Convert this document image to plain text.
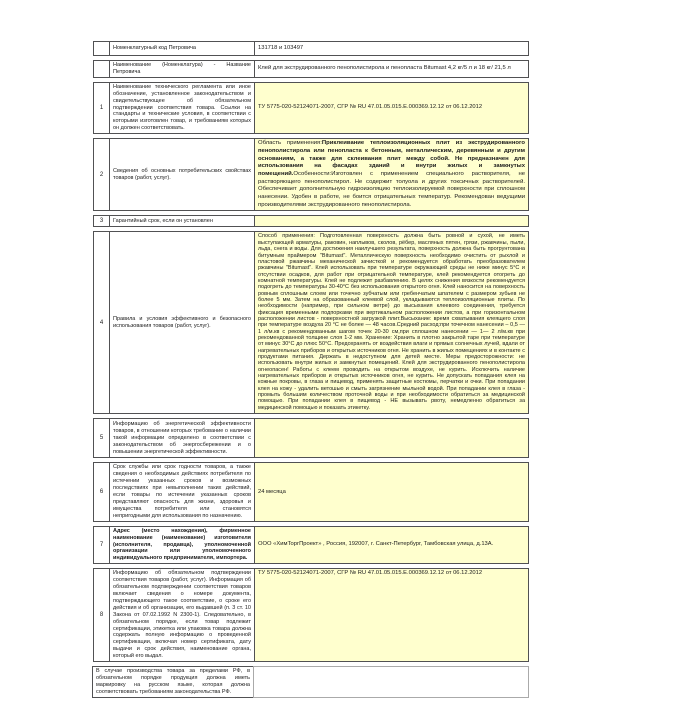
Номенклатурный код Петровича	131718 и 103497
Наименование (Номенклатура) - Название Петровича
Клей для экструдированного пенополистирола и пенопласта Bitumast 4,2 кг/5 л и 18 кг/ 21,5 л
1
Наименование технического регламента или иное обозначение, установленное законодательством и свидетельствующее об обязательном подтверждении соответствия товара. Ссылки на стандарты и технические условия, в соответствии с которыми изготовлен товар, и требованиям которых он должен соответствовать.
ТУ 5775-020-52124071-2007, СГР № RU 47.01.05.015.Е.000369.12.12 от 06.12.2012
2
Сведения об основных потребительских свойствах товаров (работ, услуг).
Область применения:Приклеивание теплоизоляционных плит из экструдированного пенополистирола или пенопласта к бетонным, металлическим, деревянным и другим основаниям, а также для склеивания плит между собой. Не предназначен для использования на фасадах зданий и внутри жилых и замкнутых помещений.Особенности:Изготовлен с применением специального растворителя, не растворяющего пенополистирол. Не содержит толуола и других токсичных растворителей. Обеспечивает дополнительную гидроизоляцию теплоизолируемой поверхности при сплошном нанесении. Удобен в работе, не боится отрицательных температур. Рекомендован ведущими производителями экструдированного пенополистирола.
3	Гарантийный срок, если он установлен
4
Правила и условия эффективного и безопасного использования товаров (работ, услуг).
Способ применения: Подготовленная поверхность должна быть ровной и сухой, не иметь выступающей арматуры, раковин, наплывов, сколов, рёбер, масляных пятен, грязи, ржавчины, пыли, льда, снега и воды. Для достижения наилучшего результата, поверхность должна быть прогрунтована битумным праймером "Bitumast". Металлическую поверхность необходимо очистить от рыхлой и пластовой ржавчины механической зачисткой и рекомендуется обработать преобразователем ржавчины "Bitumast". Клей использовать при температуре окружающей среды не ниже минус 5°С и отсутствии осадков, для работ при отрицательной температуре, клей рекомендуется отогреть до комнатной температуры. Клей не подлежит разбавлению. В целях снижения вязкости рекомендуется подогреть до температуры 30-40°С без использования открытого огня. Клей наносится на поверхность ровным сплошным слоем или точечно зубчатым или гребенчатым шпателем с размером зубьев не более 5 мм. Затем на образованный клеевой слой, укладываются теплоизоляционные плиты. По необходимости (например, при сильном ветре) до высыхания клеевого соединения, требуется фиксация временными подпорками при вертикальном расположении листов, а при горизонтальном расположении листов - поверхностной загрузкой плит.Высыхание: время схватывания клеящего слоя при температуре воздуха 20 °С не более — 48 часов.Средний расход:при точечном нанесении – 0,5 — 1 л/м.кв с рекомендованным шагом точек 20-30 см,при сплошном нанесении — 1— 2 л/м.кв при рекомендованной толщине слоя 1-2 мм. Хранение: Хранить в плотно закрытой таре при температуре от минус 30°С до плюс 50°С. Предохранять от воздействия влаги и прямых солнечных лучей, вдали от нагревательных приборов и открытых источников огня. Не хранить в жилых помещениях и в контакте с продуктами питания. Держать в недоступном для детей месте. Меры предосторожности: не использовать внутри жилых и замкнутых помещений. Клей для экструдированного пенополистирола огнеопасен! Работы с клеем проводить на открытом воздухе, не курить. Исключить наличие нагревательных приборов и открытых источников огня, не курить. Не допускать попадания клея на кожные покровы, в глаза и пищевод, применять защитные костюмы, перчатки и очки. При попадании клея на кожу - удалить ветошью и смыть загрязнение мыльной водой. При попадании клея в глаза - промыть большим количеством проточной воды и при необходимости обратиться за медицинской помощью. При попадании клея в пищевод - НЕ вызывать рвоту, немедленно обратиться за медицинской помощью и показать этикетку.
5
Информацию об энергетической эффективности товаров, в отношении которых требование о наличии такой информации определено в соответствии с законодательством об энергосбережении и о повышении энергетической эффективности.
6
Срок службы или срок годности товаров, а также сведения о необходимых действиях потребителя по истечении указанных сроков и возможных последствиях при невыполнении таких действий, если товары по истечении указанных сроков представляют опасность для жизни, здоровья и имущества потребителя или становятся непригодными для использования по назначению.
24 месяца
7
Адрес (место нахождения), фирменное наименование (наименование) изготовителя (исполнителя, продавца), уполномоченной организации или уполномоченного индивидуального предпринимателя, импортера.
ООО «ХимТоргПроект» , Россия, 192007, г. Санкт-Петербург, Тамбовская улица, д.13А.
8
Информацию об обязательном подтверждении соответствия товаров (работ, услуг). Информация об обязательном подтверждении соответствия товаров включает сведения о номере документа, подтверждающего такое соответствие, о сроке его действия и об организации, его выдавшей (п. 3 ст. 10 Закона от 07.02.1992 N 2300-1). Следовательно, в обязательном порядке, если товар подлежит сертификации, этикетка или упаковка товара должна содержать полную информацию о проведенной сертификации, включая номер сертификата, дату выдачи и срок действия, наименование органа, который его выдал.
ТУ 5775-020-52124071-2007, СГР № RU 47.01.05.015.Е.000369.12.12 от 06.12.2012
В случае производства товара за пределами РФ, в обязательном порядке продукция должна иметь маркировку на русском языке, которая должна соответствовать требованиям законодательства РФ.
